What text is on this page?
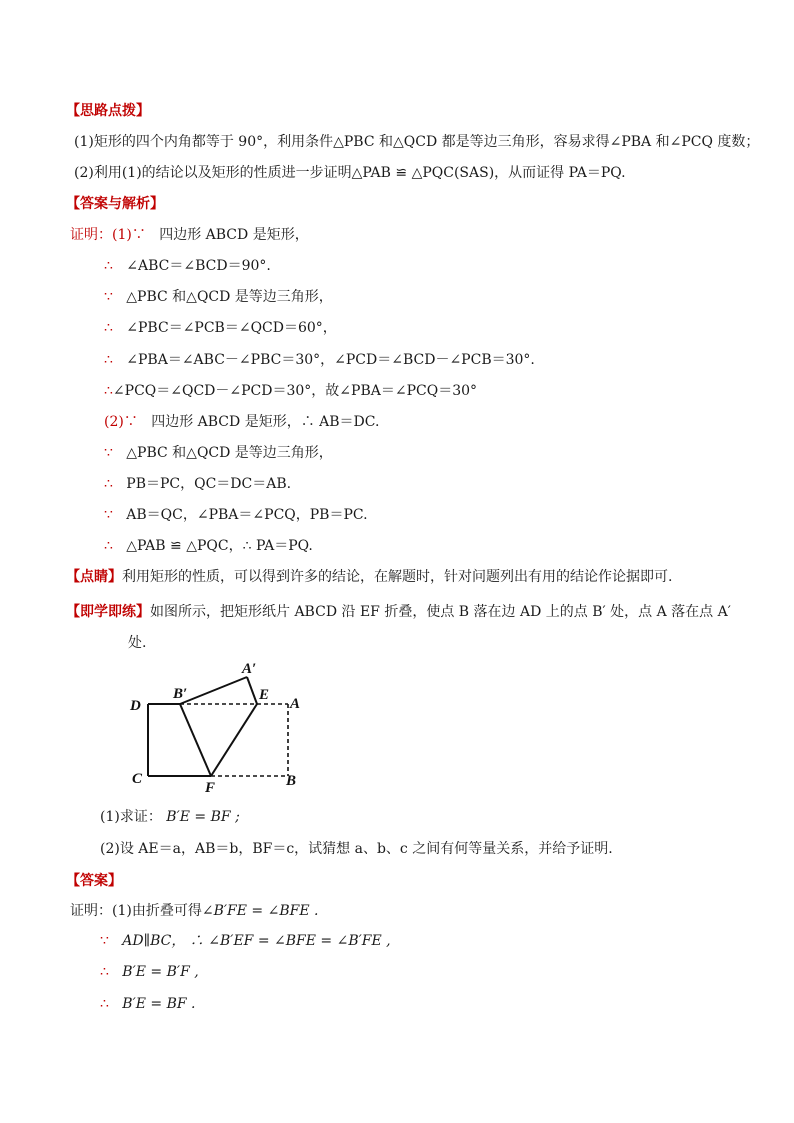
【思路点拨】
(1)矩形的四个内角都等于 90°，利用条件△PBC 和△QCD 都是等边三角形，容易求得∠PBA 和∠PCQ 度数；
(2)利用(1)的结论以及矩形的性质进一步证明△PAB ≌ △PQC(SAS)，从而证得 PA＝PQ.
【答案与解析】
证明：(1)∵ 四边形 ABCD 是矩形，
∴ ∠ABC＝∠BCD＝90°.
∵ △PBC 和△QCD 是等边三角形，
∴ ∠PBC＝∠PCB＝∠QCD＝60°，
∴ ∠PBA＝∠ABC－∠PBC＝30°，∠PCD＝∠BCD－∠PCB＝30°.
∴∠PCQ＝∠QCD－∠PCD＝30°，故∠PBA＝∠PCQ＝30°
(2)∵ 四边形 ABCD 是矩形，∴ AB＝DC.
∵ △PBC 和△QCD 是等边三角形，
∴ PB＝PC，QC＝DC＝AB.
∵ AB＝QC，∠PBA＝∠PCQ，PB＝PC.
∴ △PAB ≌ △PQC，∴ PA＝PQ.
【点睛】利用矩形的性质，可以得到许多的结论，在解题时，针对问题列出有用的结论作论据即可.
【即学即练】如图所示，把矩形纸片 ABCD 沿 EF 折叠，使点 B 落在边 AD 上的点 B′ 处，点 A 落在点 A′
处.
A′
B′	E
A
D
C
F	B
(1)求证： B′E = BF ;
(2)设 AE＝a，AB＝b，BF＝c，试猜想 a、b、c 之间有何等量关系，并给予证明.
【答案】
证明：(1)由折叠可得∠B′FE = ∠BFE .
∵ AD∥BC， ∴ ∠B′EF = ∠BFE = ∠B′FE ,
∴ B′E = B′F ,
∴ B′E = BF .
